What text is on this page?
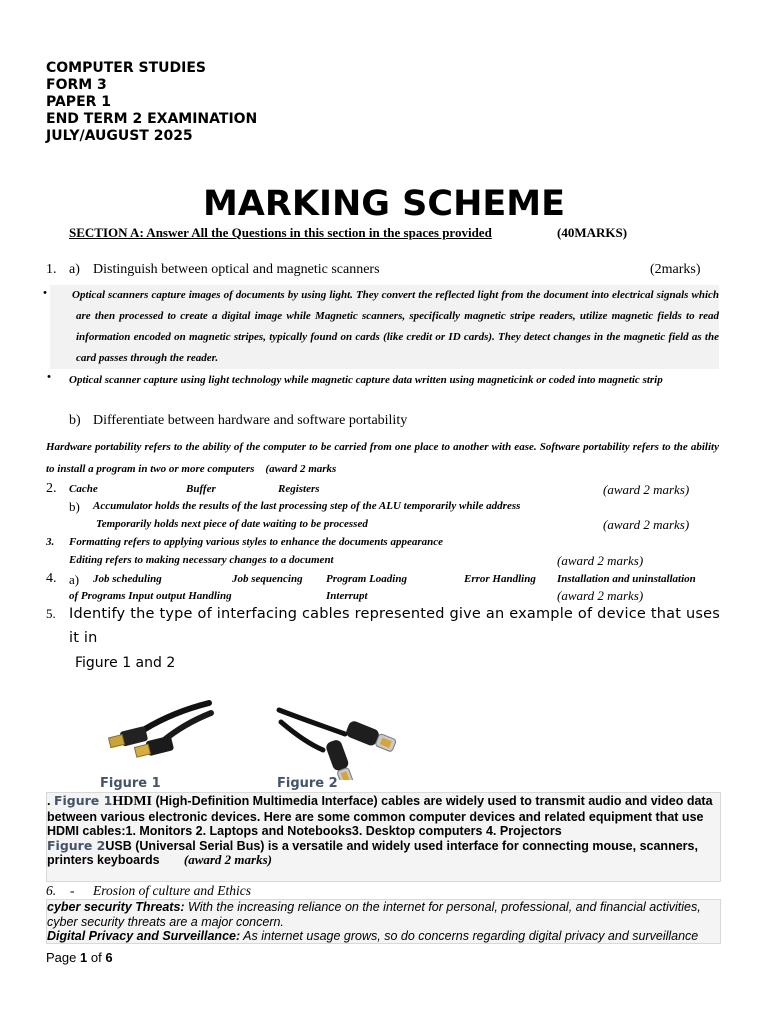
COMPUTER STUDIES
FORM 3
PAPER 1
END TERM 2 EXAMINATION
JULY/AUGUST 2025
MARKING SCHEME
SECTION A: Answer All the Questions in this section in the spaces provided	(40MARKS)
1. a) Distinguish between optical and magnetic scanners	(2marks)
•	Optical scanners capture images of documents by using light. They convert the reflected light from the document into electrical signals which are then processed to create a digital image while Magnetic scanners, specifically magnetic stripe readers, utilize magnetic fields to read information encoded on magnetic stripes, typically found on cards (like credit or ID cards). They detect changes in the magnetic field as the card passes through the reader.
• Optical scanner capture using light technology while magnetic capture data written using magneticink or coded into magnetic strip
b) Differentiate between hardware and software portability
Hardware portability refers to the ability of the computer to be carried from one place to another with ease. Software portability refers to the ability to install a program in two or more computers (award 2 marks
2. Cache	Buffer	Registers	(award 2 marks)
b) Accumulator holds the results of the last processing step of the ALU temporarily while address
Temporarily holds next piece of date waiting to be processed	(award 2 marks)
3. Formatting refers to applying various styles to enhance the documents appearance
Editing refers to making necessary changes to a document	(award 2 marks)
4. a) Job scheduling	Job sequencing Program Loading	Error Handling Installation and uninstallation
of Programs Input output Handling	Interrupt	(award 2 marks)
5. Identify the type of interfacing cables represented give an example of device that uses it in
Figure 1 and 2
Figure 1	Figure 2
. Figure 1HDMI (High-Definition Multimedia Interface) cables are widely used to transmit audio and video data between various electronic devices. Here are some common computer devices and related equipment that use HDMI cables:1. Monitors 2. Laptops and Notebooks3. Desktop computers 4. Projectors
Figure 2USB (Universal Serial Bus) is a versatile and widely used interface for connecting mouse, scanners, printers keyboards (award 2 marks)
6. - Erosion of culture and Ethics
cyber security Threats: With the increasing reliance on the internet for personal, professional, and financial activities, cyber security threats are a major concern.
Digital Privacy and Surveillance: As internet usage grows, so do concerns regarding digital privacy and surveillance
Page 1 of 6
